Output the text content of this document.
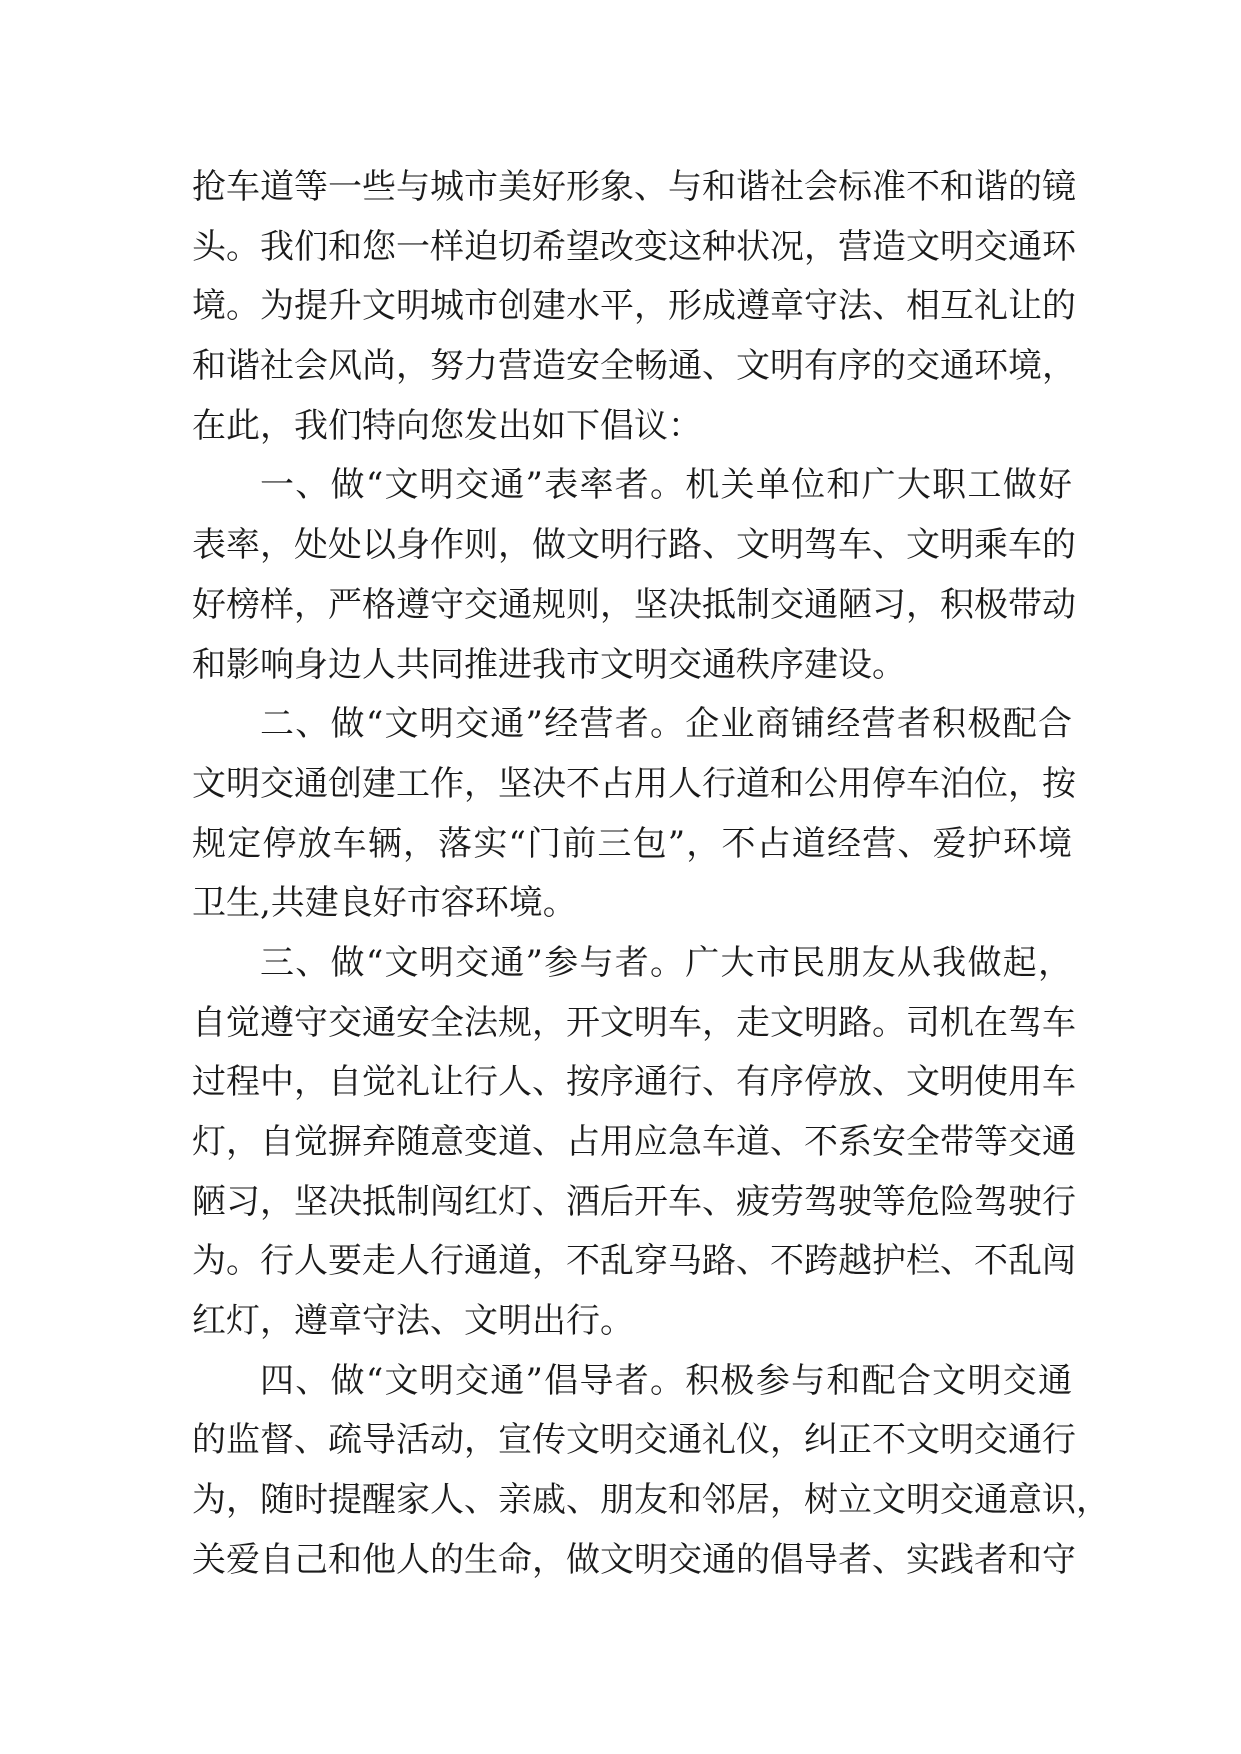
抢车道等一些与城市美好形象、与和谐社会标准不和谐的镜
头。我们和您一样迫切希望改变这种状况，营造文明交通环
境。为提升文明城市创建水平，形成遵章守法、相互礼让的
和谐社会风尚，努力营造安全畅通、文明有序的交通环境，
在此，我们特向您发出如下倡议：
一、做“文明交通”表率者。机关单位和广大职工做好
表率，处处以身作则，做文明行路、文明驾车、文明乘车的
好榜样，严格遵守交通规则，坚决抵制交通陋习，积极带动
和影响身边人共同推进我市文明交通秩序建设。
二、做“文明交通”经营者。企业商铺经营者积极配合
文明交通创建工作，坚决不占用人行道和公用停车泊位，按
规定停放车辆，落实“门前三包”，不占道经营、爱护环境
卫生,共建良好市容环境。
三、做“文明交通”参与者。广大市民朋友从我做起，
自觉遵守交通安全法规，开文明车，走文明路。司机在驾车
过程中，自觉礼让行人、按序通行、有序停放、文明使用车
灯，自觉摒弃随意变道、占用应急车道、不系安全带等交通
陋习，坚决抵制闯红灯、酒后开车、疲劳驾驶等危险驾驶行
为。行人要走人行通道，不乱穿马路、不跨越护栏、不乱闯
红灯，遵章守法、文明出行。
四、做“文明交通”倡导者。积极参与和配合文明交通
的监督、疏导活动，宣传文明交通礼仪，纠正不文明交通行
为，随时提醒家人、亲戚、朋友和邻居，树立文明交通意识，
关爱自己和他人的生命，做文明交通的倡导者、实践者和守
